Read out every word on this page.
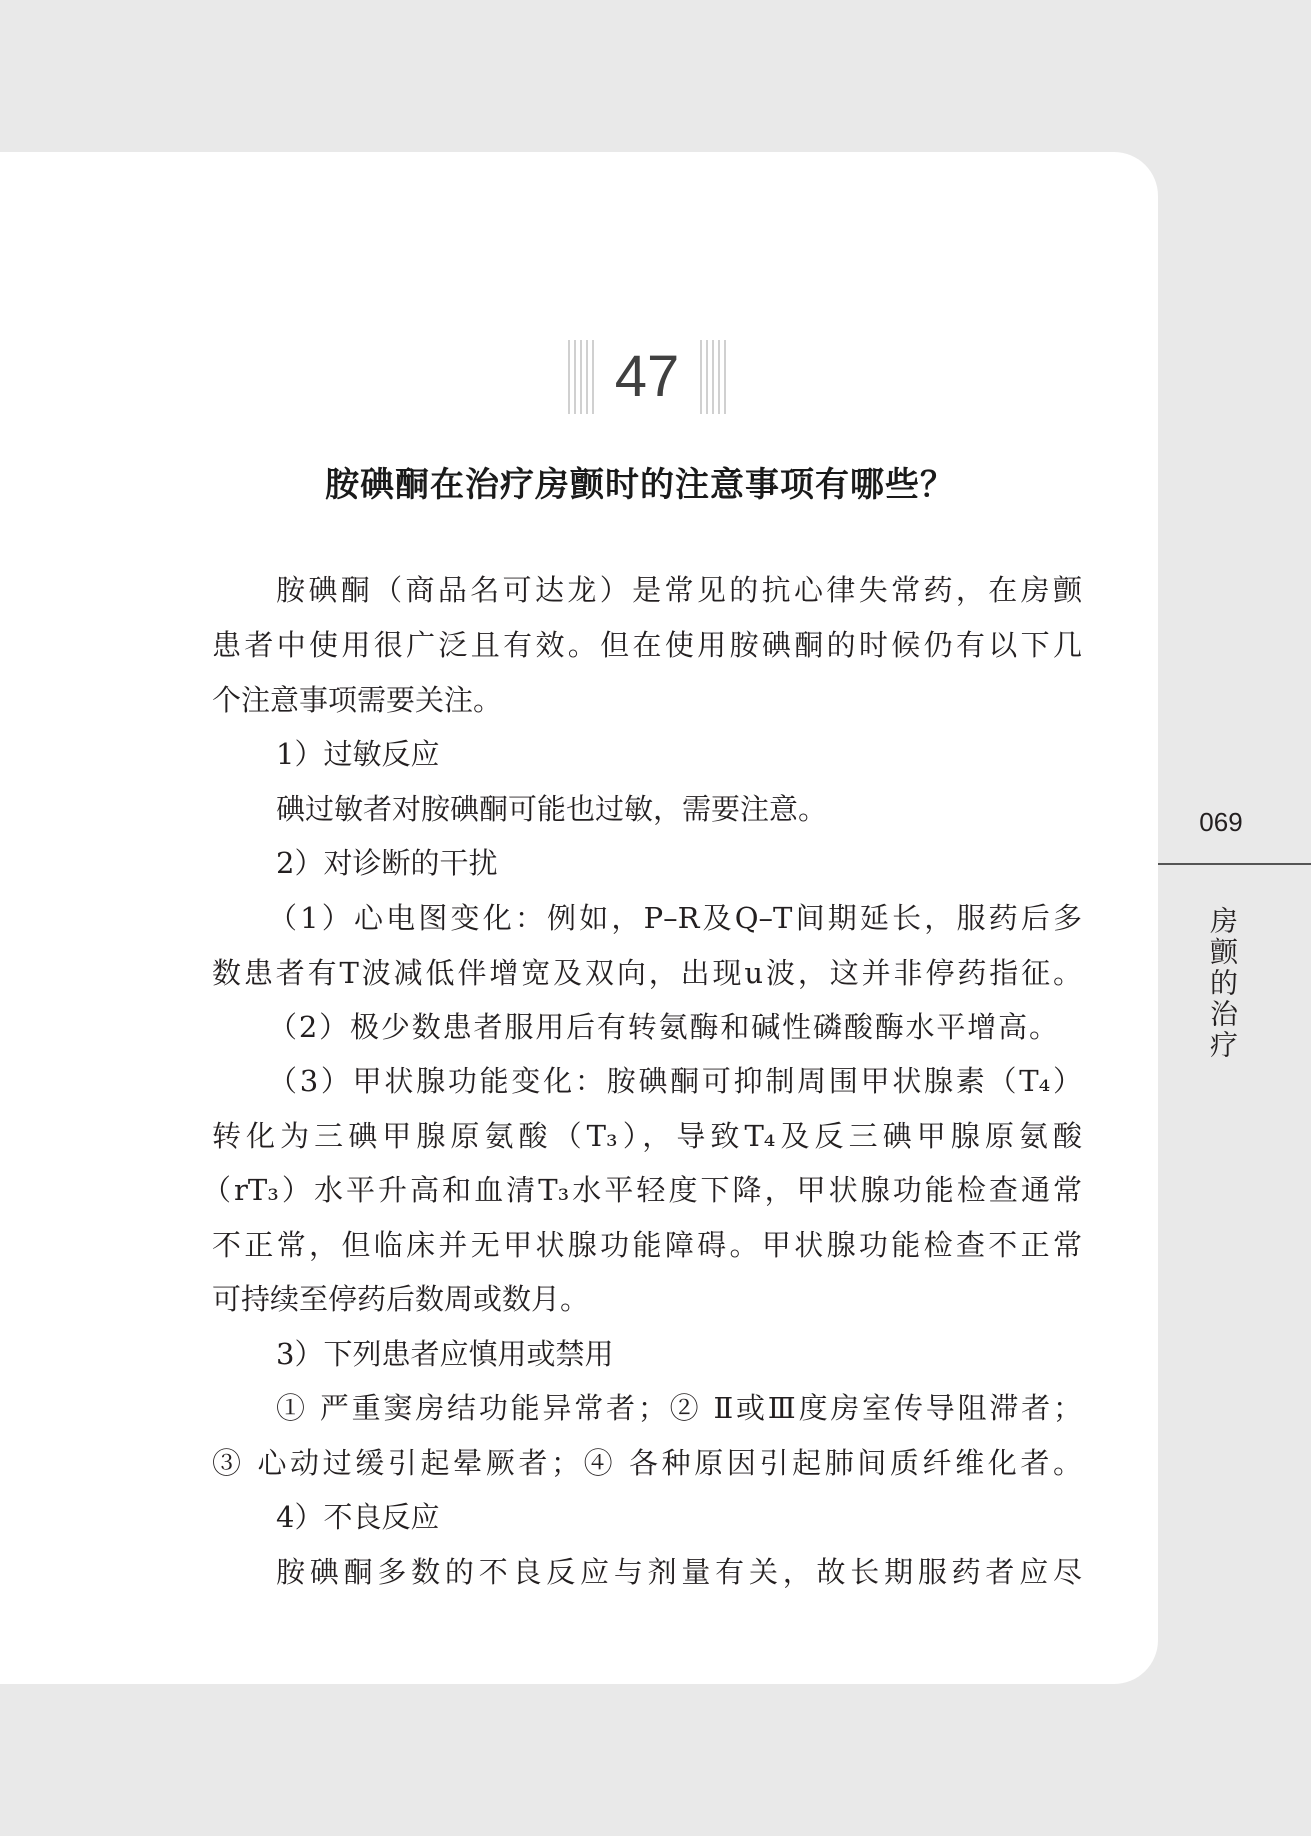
47
胺碘酮在治疗房颤时的注意事项有哪些？
胺碘酮（商品名可达龙）是常见的抗心律失常药，在房颤
患者中使用很广泛且有效。但在使用胺碘酮的时候仍有以下几
个注意事项需要关注。
1）过敏反应
碘过敏者对胺碘酮可能也过敏，需要注意。
2）对诊断的干扰
（1）心电图变化：例如，P–R及Q–T间期延长，服药后多
数患者有T波减低伴增宽及双向，出现u波，这并非停药指征。
（2）极少数患者服用后有转氨酶和碱性磷酸酶水平增高。
（3）甲状腺功能变化：胺碘酮可抑制周围甲状腺素（T₄）
转化为三碘甲腺原氨酸（T₃），导致T₄及反三碘甲腺原氨酸
（rT₃）水平升高和血清T₃水平轻度下降，甲状腺功能检查通常
不正常，但临床并无甲状腺功能障碍。甲状腺功能检查不正常
可持续至停药后数周或数月。
3）下列患者应慎用或禁用
① 严重窦房结功能异常者；② Ⅱ或Ⅲ度房室传导阻滞者；
③ 心动过缓引起晕厥者；④ 各种原因引起肺间质纤维化者。
4）不良反应
胺碘酮多数的不良反应与剂量有关，故长期服药者应尽
069
房颤的治疗
